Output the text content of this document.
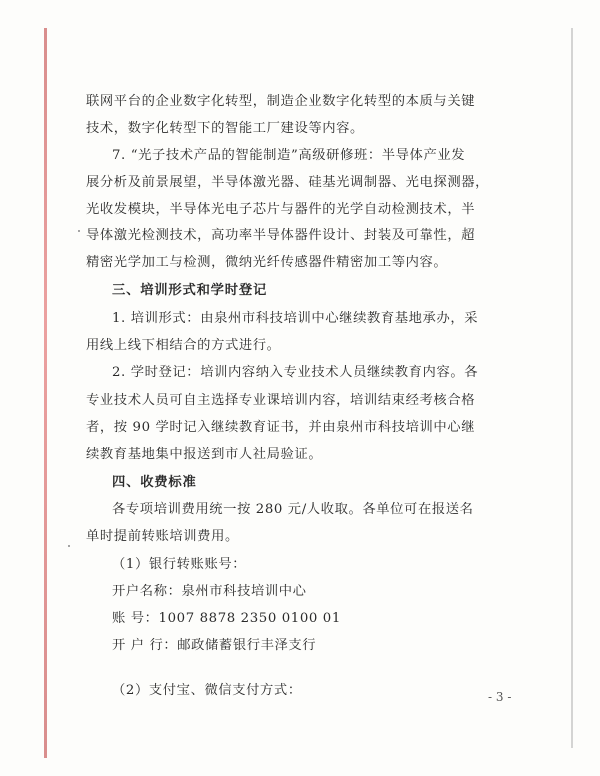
联网平台的企业数字化转型，制造企业数字化转型的本质与关键
技术，数字化转型下的智能工厂建设等内容。
7. “光子技术产品的智能制造”高级研修班：半导体产业发
展分析及前景展望，半导体激光器、硅基光调制器、光电探测器，
光收发模块，半导体光电子芯片与器件的光学自动检测技术，半
导体激光检测技术，高功率半导体器件设计、封装及可靠性，超
精密光学加工与检测，微纳光纤传感器件精密加工等内容。
三、培训形式和学时登记
1. 培训形式：由泉州市科技培训中心继续教育基地承办，采
用线上线下相结合的方式进行。
2. 学时登记：培训内容纳入专业技术人员继续教育内容。各
专业技术人员可自主选择专业课培训内容，培训结束经考核合格
者，按 90 学时记入继续教育证书，并由泉州市科技培训中心继
续教育基地集中报送到市人社局验证。
四、收费标准
各专项培训费用统一按 280 元/人收取。各单位可在报送名
单时提前转账培训费用。
（1）银行转账账号：
开户名称：泉州市科技培训中心
账 号：1007 8878 2350 0100 01
开 户 行：邮政储蓄银行丰泽支行
（2）支付宝、微信支付方式：	- 3 -
